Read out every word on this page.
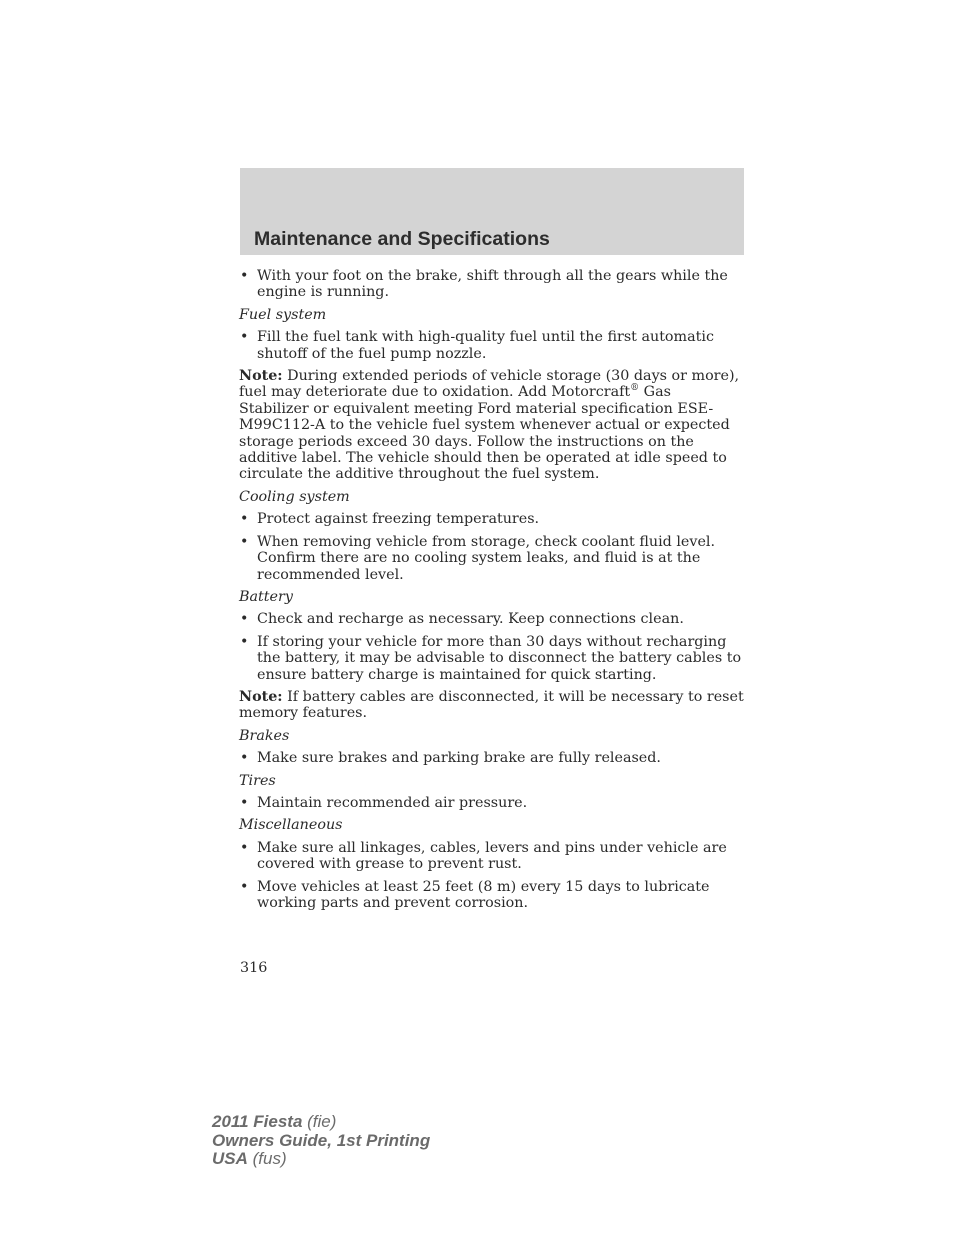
Maintenance and Specifications
• With your foot on the brake, shift through all the gears while the engine is running.

Fuel system

• Fill the fuel tank with high-quality fuel until the first automatic shutoff of the fuel pump nozzle.

Note: During extended periods of vehicle storage (30 days or more), fuel may deteriorate due to oxidation. Add Motorcraft® Gas Stabilizer or equivalent meeting Ford material specification ESE-M99C112-A to the vehicle fuel system whenever actual or expected storage periods exceed 30 days. Follow the instructions on the additive label. The vehicle should then be operated at idle speed to circulate the additive throughout the fuel system.

Cooling system

• Protect against freezing temperatures.
• When removing vehicle from storage, check coolant fluid level. Confirm there are no cooling system leaks, and fluid is at the recommended level.

Battery

• Check and recharge as necessary. Keep connections clean.
• If storing your vehicle for more than 30 days without recharging the battery, it may be advisable to disconnect the battery cables to ensure battery charge is maintained for quick starting.

Note: If battery cables are disconnected, it will be necessary to reset memory features.

Brakes

• Make sure brakes and parking brake are fully released.

Tires

• Maintain recommended air pressure.

Miscellaneous

• Make sure all linkages, cables, levers and pins under vehicle are covered with grease to prevent rust.
• Move vehicles at least 25 feet (8 m) every 15 days to lubricate working parts and prevent corrosion.
316
2011 Fiesta (fie)
Owners Guide, 1st Printing
USA (fus)
